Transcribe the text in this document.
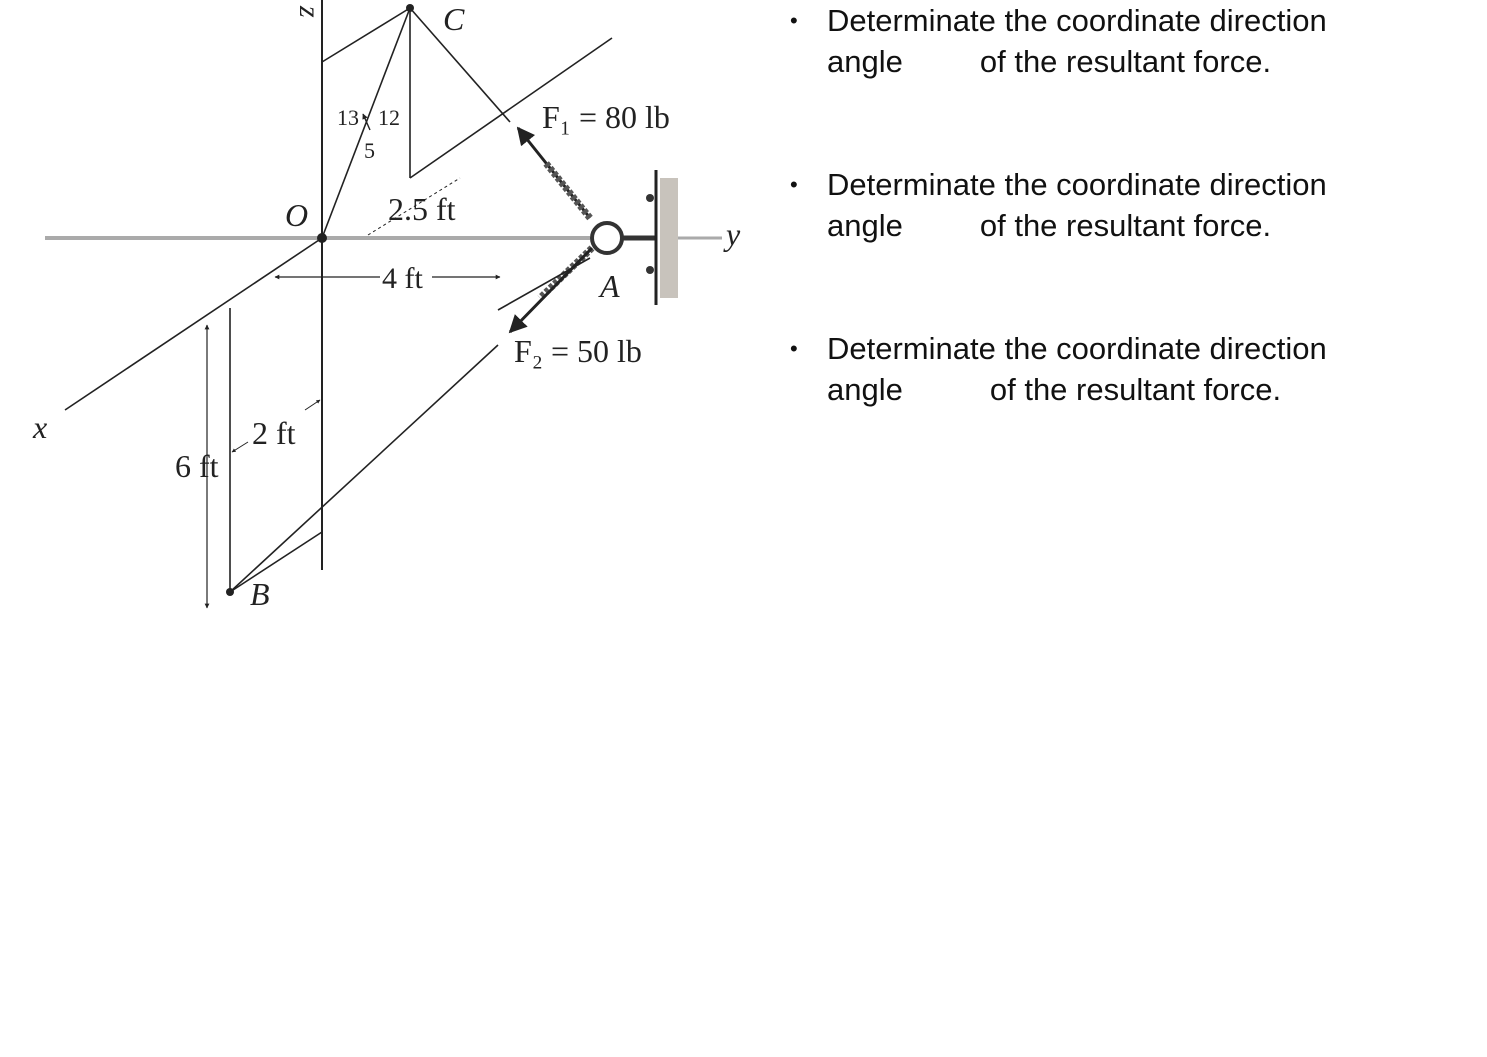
z	C
O
A
B
x
y
13 12
5
2.5 ft
4 ft
2 ft
6 ft
F₁ = 80 lb
F₂ = 50 lb

• Determinate the coordinate direction
angle of the resultant force.

• Determinate the coordinate direction
angle of the resultant force.

• Determinate the coordinate direction
angle	of the resultant force.
